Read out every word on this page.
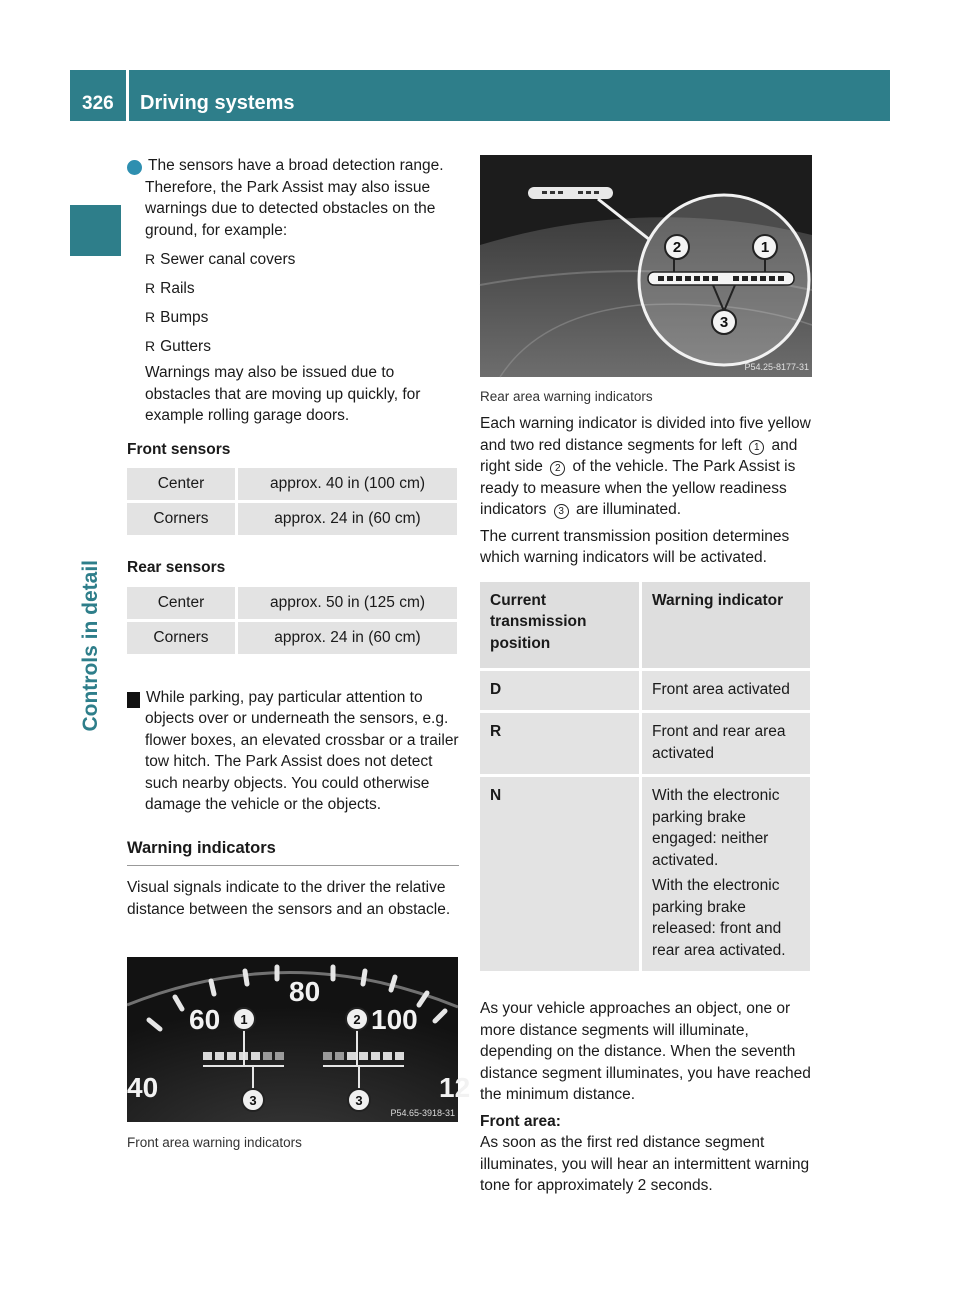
326 Driving systems
Controls in detail

i The sensors have a broad detection range. Therefore, the Park Assist may also issue warnings due to detected obstacles on the ground, for example:

R Sewer canal covers
R Rails
R Bumps
R Gutters

Warnings may also be issued due to obstacles that are moving up quickly, for example rolling garage doors.

Front sensors

Center	approx. 40 in (100 cm)
Corners	approx. 24 in (60 cm)

Rear sensors

Center	approx. 50 in (125 cm)
Corners	approx. 24 in (60 cm)

! While parking, pay particular attention to objects over or underneath the sensors, e.g. flower boxes, an elevated crossbar or a trailer tow hitch. The Park Assist does not detect such nearby objects. You could otherwise damage the vehicle or the objects.

Warning indicators

Visual signals indicate to the driver the relative distance between the sensors and an obstacle.

80
60	100
40	12
1	2
3	3
P54.65-3918-31
Front area warning indicators
2	1
3
P54.25-8177-31
Rear area warning indicators

Each warning indicator is divided into five yellow and two red distance segments for left 1 and right side 2 of the vehicle. The Park Assist is ready to measure when the yellow readiness indicators 3 are illuminated.

The current transmission position determines which warning indicators will be activated.

Current transmission position	Warning indicator
D	Front area activated
R	Front and rear area activated
N	With the electronic parking brake engaged: neither activated.

With the electronic parking brake released: front and rear area activated.

As your vehicle approaches an object, one or more distance segments will illuminate, depending on the distance. When the seventh distance segment illuminates, you have reached the minimum distance.

Front area:

As soon as the first red distance segment illuminates, you will hear an intermittent warning tone for approximately 2 seconds.
